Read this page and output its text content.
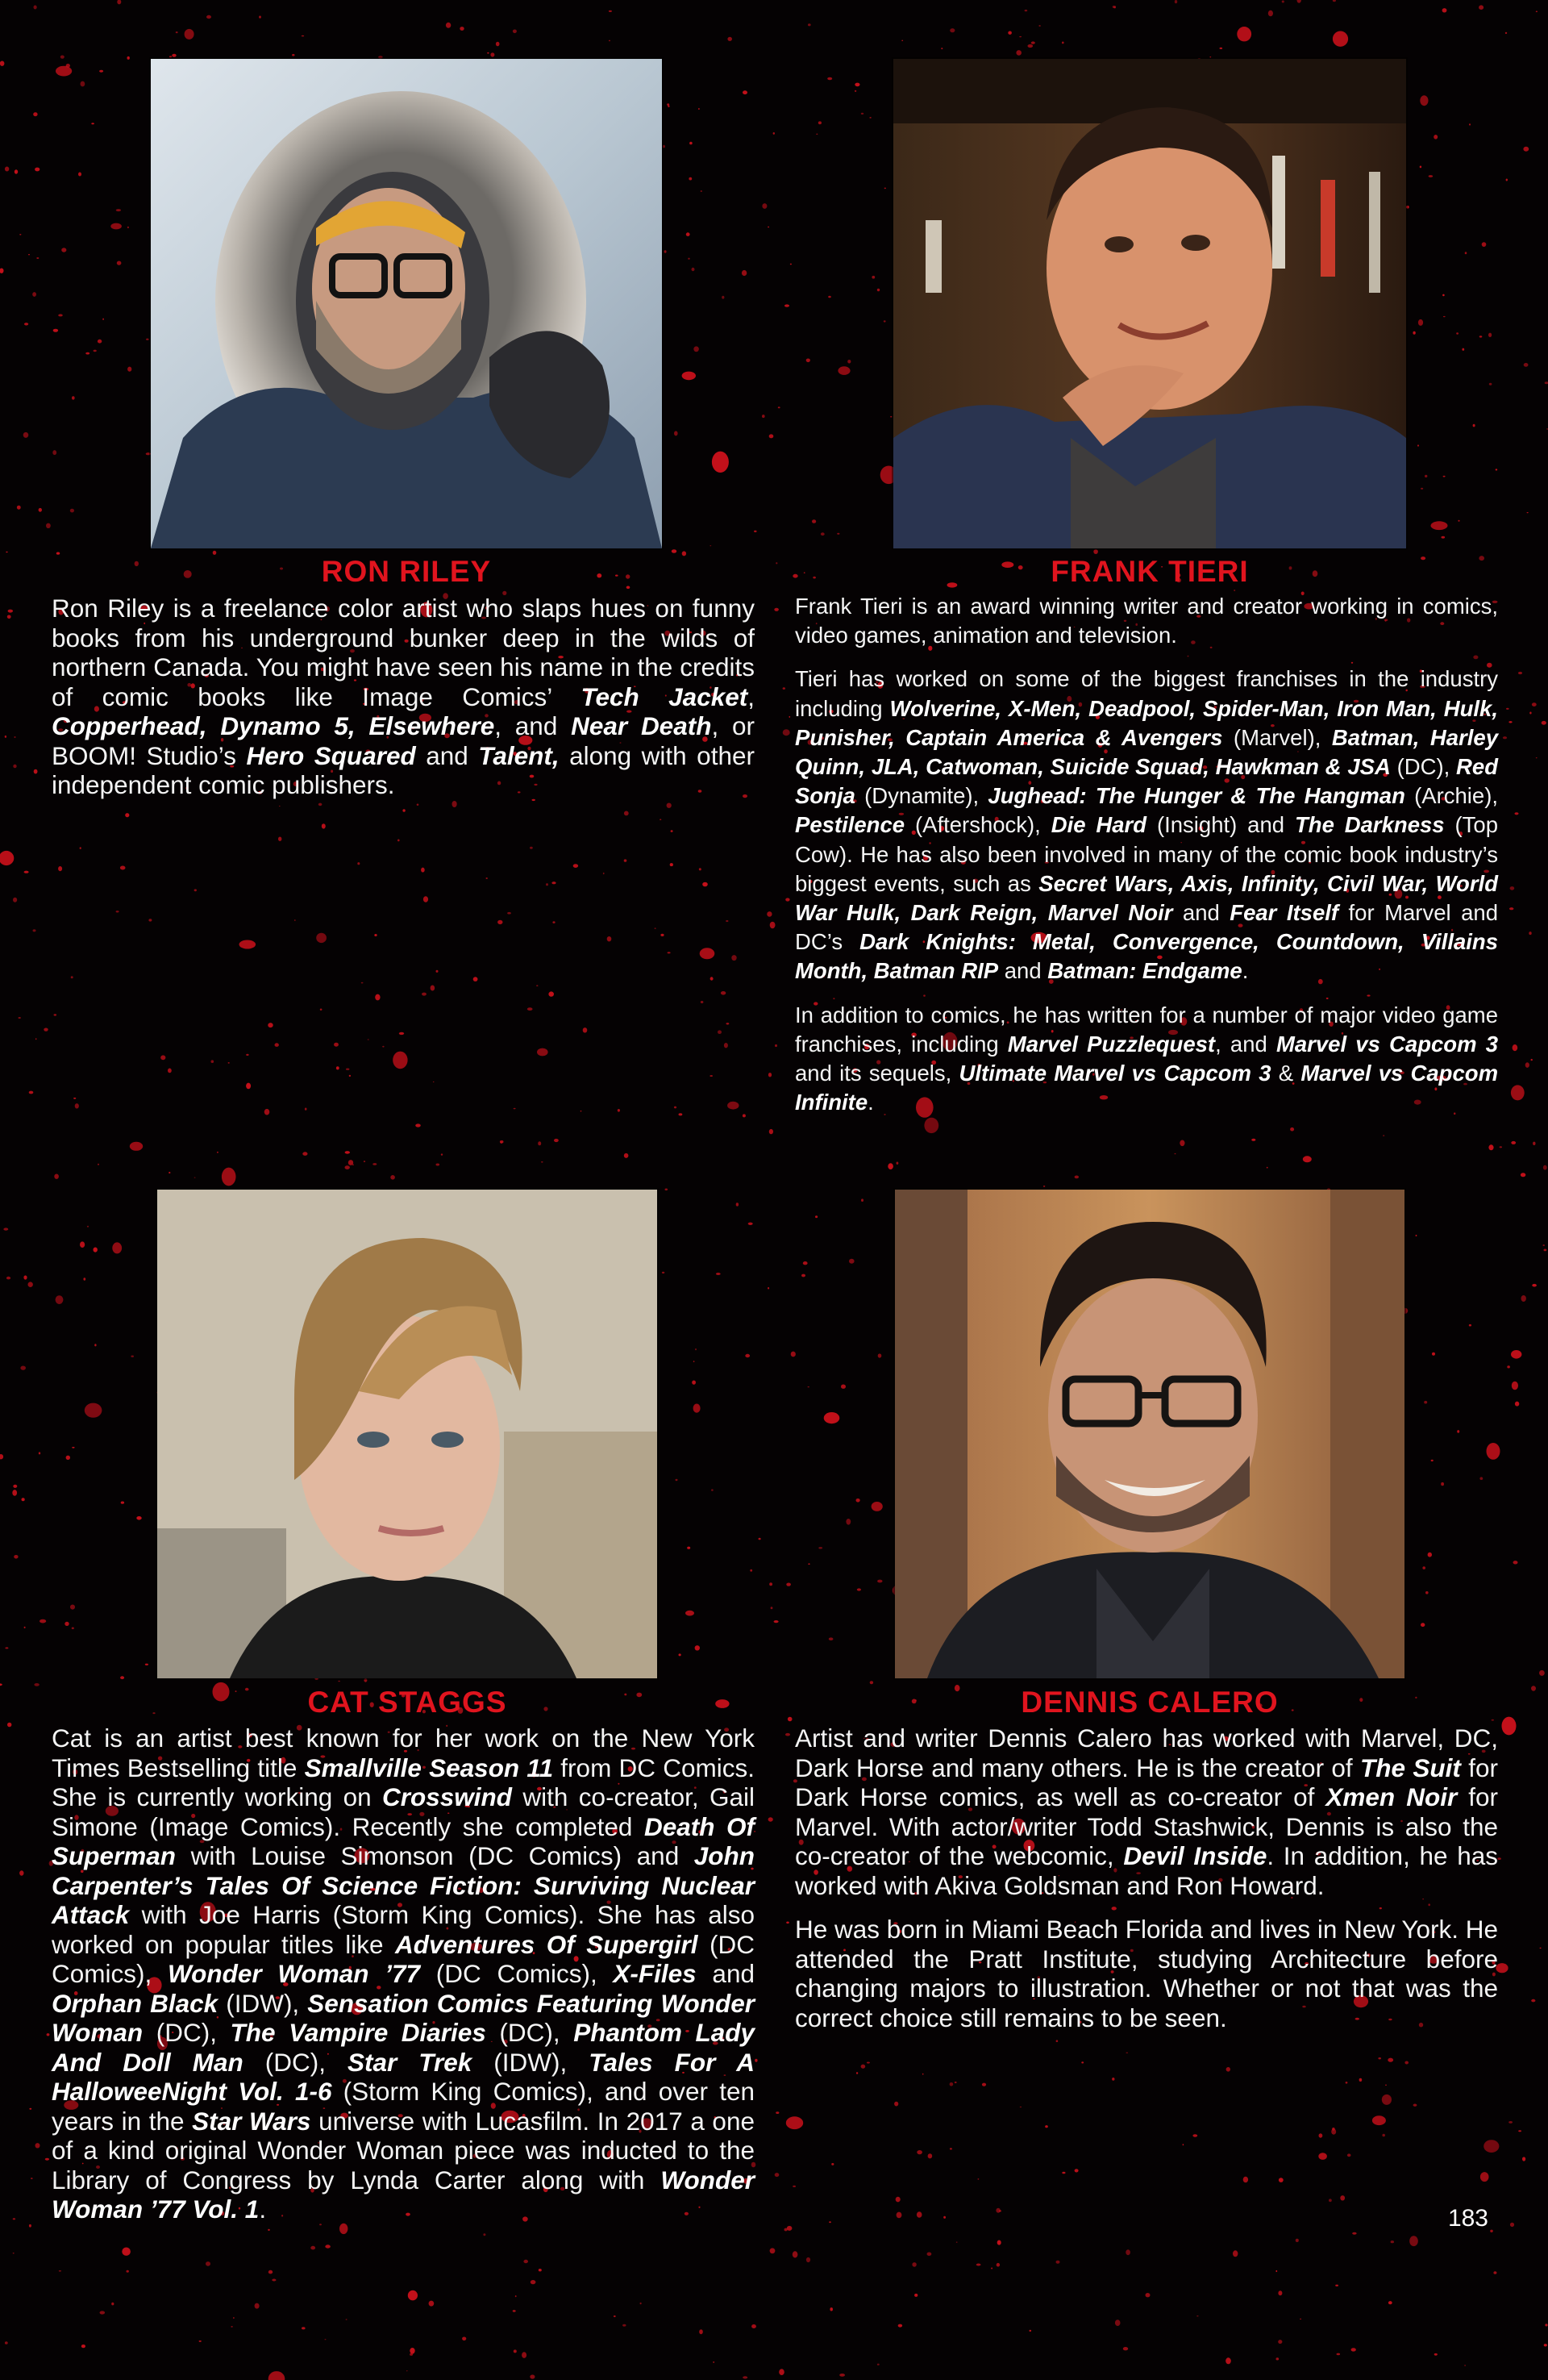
RON RILEY

Ron Riley is a freelance color artist who slaps hues on funny books from his underground bunker deep in the wilds of northern Canada. You might have seen his name in the credits of comic books like Image Comics’ Tech Jacket, Copperhead, Dynamo 5, Elsewhere, and Near Death, or BOOM! Studio’s Hero Squared and Talent, along with other independent comic publishers.

FRANK TIERI

Frank Tieri is an award winning writer and creator working in comics, video games, animation and television.

Tieri has worked on some of the biggest franchises in the industry including Wolverine, X-Men, Deadpool, Spider-Man, Iron Man, Hulk, Punisher, Captain America & Avengers (Marvel), Batman, Harley Quinn, JLA, Catwoman, Suicide Squad, Hawkman & JSA (DC), Red Sonja (Dynamite), Jughead: The Hunger & The Hangman (Archie), Pestilence (Aftershock), Die Hard (Insight) and The Darkness (Top Cow). He has also been involved in many of the comic book industry’s biggest events, such as Secret Wars, Axis, Infinity, Civil War, World War Hulk, Dark Reign, Marvel Noir and Fear Itself for Marvel and DC’s Dark Knights: Metal, Convergence, Countdown, Villains Month, Batman RIP and Batman: Endgame.

In addition to comics, he has written for a number of major video game franchises, including Marvel Puzzlequest, and Marvel vs Capcom 3 and its sequels, Ultimate Marvel vs Capcom 3 & Marvel vs Capcom Infinite.

CAT STAGGS

Cat is an artist best known for her work on the New York Times Bestselling title Smallville Season 11 from DC Comics. She is currently working on Crosswind with co-creator, Gail Simone (Image Comics). Recently she completed Death Of Superman with Louise Simonson (DC Comics) and John Carpenter’s Tales Of Science Fiction: Surviving Nuclear Attack with Joe Harris (Storm King Comics). She has also worked on popular titles like Adventures Of Supergirl (DC Comics), Wonder Woman ’77 (DC Comics), X-Files and Orphan Black (IDW), Sensation Comics Featuring Wonder Woman (DC), The Vampire Diaries (DC), Phantom Lady And Doll Man (DC), Star Trek (IDW), Tales For A HalloweeNight Vol. 1-6 (Storm King Comics), and over ten years in the Star Wars universe with Lucasfilm. In 2017 a one of a kind original Wonder Woman piece was inducted to the Library of Congress by Lynda Carter along with Wonder Woman ’77 Vol. 1.

DENNIS CALERO

Artist and writer Dennis Calero has worked with Marvel, DC, Dark Horse and many others. He is the creator of The Suit for Dark Horse comics, as well as co-creator of Xmen Noir for Marvel. With actor/writer Todd Stashwick, Dennis is also the co-creator of the webcomic, Devil Inside. In addition, he has worked with Akiva Goldsman and Ron Howard.

He was born in Miami Beach Florida and lives in New York. He attended the Pratt Institute, studying Architecture before changing majors to illustration. Whether or not that was the correct choice still remains to be seen.

183
